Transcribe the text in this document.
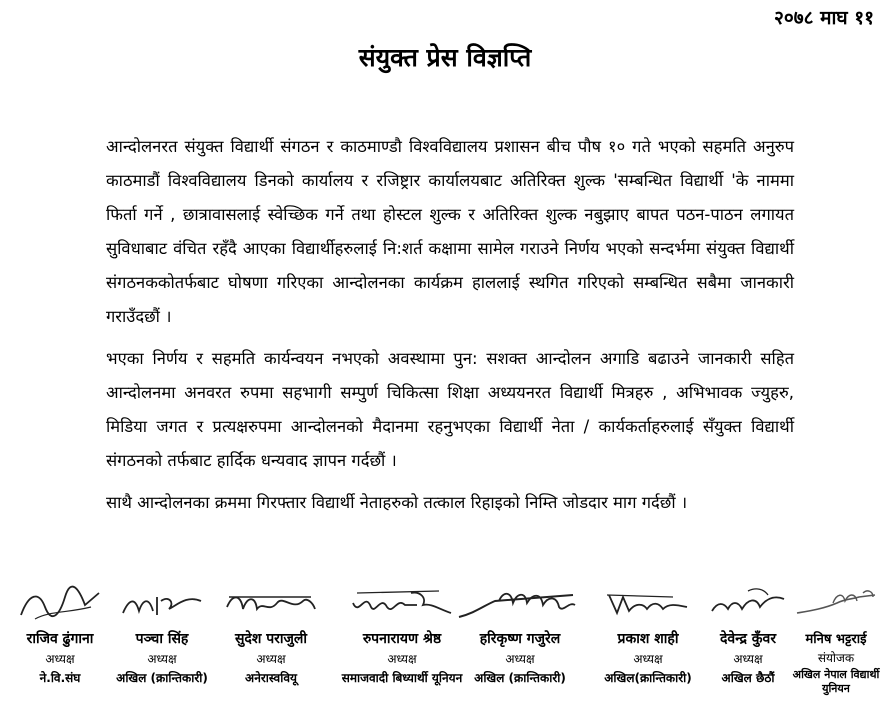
२०७८ माघ ११
संयुक्त प्रेस विज्ञप्ति

आन्दोलनरत संयुक्त विद्यार्थी संगठन र काठमाण्डौ विश्वविद्यालय प्रशासन बीच पौष १० गते भएको सहमति अनुरुप काठमाडौं विश्वविद्यालय डिनको कार्यालय र रजिष्ट्रार कार्यालयबाट अतिरिक्त शुल्क 'सम्बन्धित विद्यार्थी 'के नाममा फिर्ता गर्ने , छात्रावासलाई स्वेच्छिक गर्ने तथा होस्टल शुल्क र अतिरिक्त शुल्क नबुझाए बापत पठन-पाठन लगायत सुविधाबाट वंचित रहँदै आएका विद्यार्थीहरुलाई नि:शर्त कक्षामा सामेल गराउने निर्णय भएको सन्दर्भमा संयुक्त विद्यार्थी संगठनककोतर्फबाट घोषणा गरिएका आन्दोलनका कार्यक्रम हाललाई स्थगित गरिएको सम्बन्धित सबैमा जानकारी गराउँदछौं ।

भएका निर्णय र सहमति कार्यन्वयन नभएको अवस्थामा पुन: सशक्त आन्दोलन अगाडि बढाउने जानकारी सहित आन्दोलनमा अनवरत रुपमा सहभागी सम्पुर्ण चिकित्सा शिक्षा अध्ययनरत विद्यार्थी मित्रहरु , अभिभावक ज्युहरु, मिडिया जगत र प्रत्यक्षरुपमा आन्दोलनको मैदानमा रहनुभएका विद्यार्थी नेता / कार्यकर्ताहरुलाई सँयुक्त विद्यार्थी संगठनको तर्फबाट हार्दिक धन्यवाद ज्ञापन गर्दछौं ।

साथै आन्दोलनका क्रममा गिरफ्तार विद्यार्थी नेताहरुको तत्काल रिहाइको निम्ति जोडदार माग गर्दछौं ।

राजिव ढुंगाना
अध्यक्ष
ने.वि.संघ
पञ्चा सिंह
अध्यक्ष
अखिल (क्रान्तिकारी)
सुदेश पराजुली
अध्यक्ष
अनेरास्ववियू
रुपनारायण श्रेष्ठ
अध्यक्ष
समाजवादी बिध्यार्थी यूनियन
हरिकृष्ण गजुरेल
अध्यक्ष
अखिल (क्रान्तिकारी)
प्रकाश शाही
अध्यक्ष
अखिल(क्रान्तिकारी)
देवेन्द्र कुँवर
अध्यक्ष
अखिल छैठौं
मनिष भट्टराई
संयोजक
अखिल नेपाल विद्यार्थी युनियन
